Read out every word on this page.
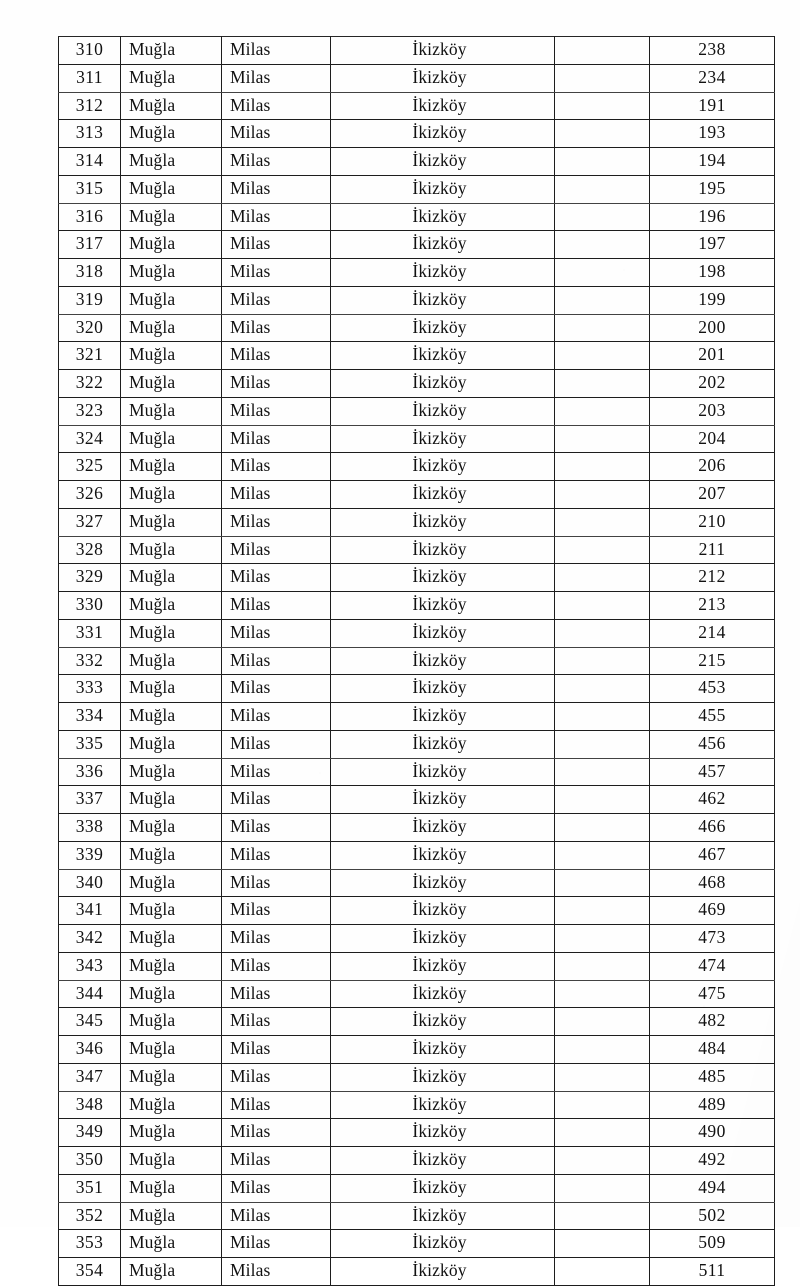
310	Muğla	Milas	İkizköy		238
311	Muğla	Milas	İkizköy		234
312	Muğla	Milas	İkizköy		191
313	Muğla	Milas	İkizköy		193
314	Muğla	Milas	İkizköy		194
315	Muğla	Milas	İkizköy		195
316	Muğla	Milas	İkizköy		196
317	Muğla	Milas	İkizköy		197
318	Muğla	Milas	İkizköy		198
319	Muğla	Milas	İkizköy		199
320	Muğla	Milas	İkizköy		200
321	Muğla	Milas	İkizköy		201
322	Muğla	Milas	İkizköy		202
323	Muğla	Milas	İkizköy		203
324	Muğla	Milas	İkizköy		204
325	Muğla	Milas	İkizköy		206
326	Muğla	Milas	İkizköy		207
327	Muğla	Milas	İkizköy		210
328	Muğla	Milas	İkizköy		211
329	Muğla	Milas	İkizköy		212
330	Muğla	Milas	İkizköy		213
331	Muğla	Milas	İkizköy		214
332	Muğla	Milas	İkizköy		215
333	Muğla	Milas	İkizköy		453
334	Muğla	Milas	İkizköy		455
335	Muğla	Milas	İkizköy		456
336	Muğla	Milas	İkizköy		457
337	Muğla	Milas	İkizköy		462
338	Muğla	Milas	İkizköy		466
339	Muğla	Milas	İkizköy		467
340	Muğla	Milas	İkizköy		468
341	Muğla	Milas	İkizköy		469
342	Muğla	Milas	İkizköy		473
343	Muğla	Milas	İkizköy		474
344	Muğla	Milas	İkizköy		475
345	Muğla	Milas	İkizköy		482
346	Muğla	Milas	İkizköy		484
347	Muğla	Milas	İkizköy		485
348	Muğla	Milas	İkizköy		489
349	Muğla	Milas	İkizköy		490
350	Muğla	Milas	İkizköy		492
351	Muğla	Milas	İkizköy		494
352	Muğla	Milas	İkizköy		502
353	Muğla	Milas	İkizköy		509
354	Muğla	Milas	İkizköy		511
